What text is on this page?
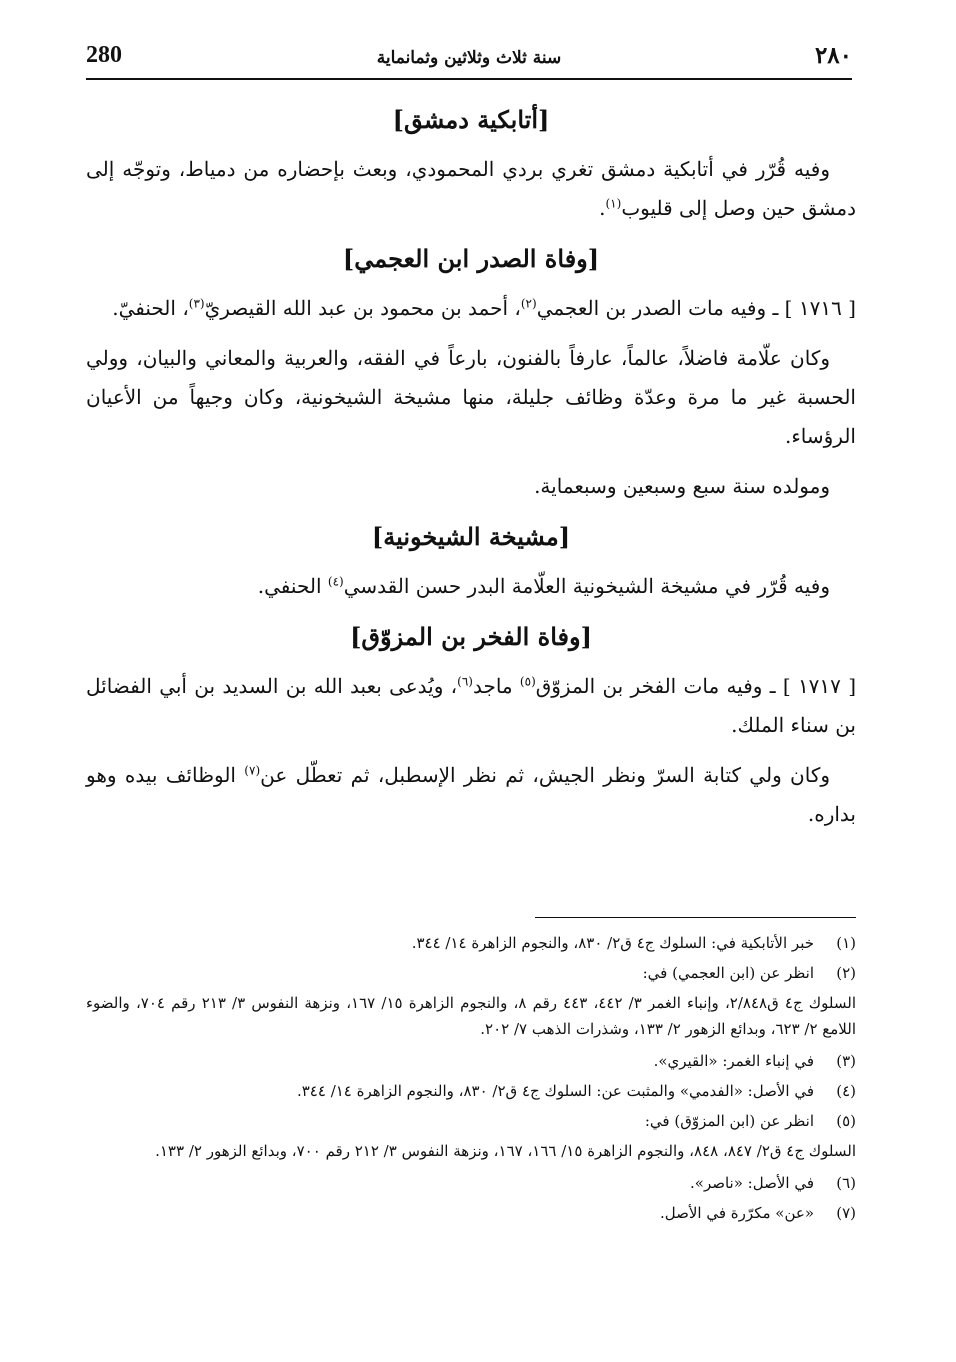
280	سنة ثلاث وثلاثين وثمانماية	٢٨٠
[أتابكية دمشق]

وفيه قُرّر في أتابكية دمشق تغري بردي المحمودي، وبعث بإحضاره من دمياط، وتوجّه إلى دمشق حين وصل إلى قليوب$^{(١)}$.

[وفاة الصدر ابن العجمي]

[ ١٧١٦ ] ـ وفيه مات الصدر بن العجمي$^{(٢)}$، أحمد بن محمود بن عبد الله القيصريّ$^{(٣)}$، الحنفيّ.

وكان علّامة فاضلاً، عالماً، عارفاً بالفنون، بارعاً في الفقه، والعربية والمعاني والبيان، وولي الحسبة غير ما مرة وعدّة وظائف جليلة، منها مشيخة الشيخونية، وكان وجيهاً من الأعيان الرؤساء.

ومولده سنة سبع وسبعين وسبعماية.

[مشيخة الشيخونية]

وفيه قُرّر في مشيخة الشيخونية العلّامة البدر حسن القدسي$^{(٤)}$ الحنفي.

[وفاة الفخر بن المزوّق]

[ ١٧١٧ ] ـ وفيه مات الفخر بن المزوّق$^{(٥)}$ ماجد$^{(٦)}$، ويُدعى بعبد الله بن السديد بن أبي الفضائل بن سناء الملك.

وكان ولي كتابة السرّ ونظر الجيش، ثم نظر الإسطبل، ثم تعطّل عن$^{(٧)}$ الوظائف بيده وهو بداره.

(١)
خبر الأتابكية في: السلوك ج٤ ق٢/ ٨٣٠، والنجوم الزاهرة ١٤/ ٣٤٤.
(٢)
انظر عن (ابن العجمي) في:
السلوك ج٤ ق٢/٨٤٨، وإنباء الغمر ٣/ ٤٤٢، ٤٤٣ رقم ٨، والنجوم الزاهرة ١٥/ ١٦٧، ونزهة النفوس ٣/ ٢١٣ رقم ٧٠٤، والضوء اللامع ٢/ ٦٢٣، وبدائع الزهور ٢/ ١٣٣، وشذرات الذهب ٧/ ٢٠٢.
(٣)
في إنباء الغمر: «القيري».
(٤)
في الأصل: «الفدمي» والمثبت عن: السلوك ج٤ ق٢/ ٨٣٠، والنجوم الزاهرة ١٤/ ٣٤٤.
(٥)
انظر عن (ابن المزوّق) في:
السلوك ج٤ ق٢/ ٨٤٧، ٨٤٨، والنجوم الزاهرة ١٥/ ١٦٦، ١٦٧، ونزهة النفوس ٣/ ٢١٢ رقم ٧٠٠، وبدائع الزهور ٢/ ١٣٣.
(٦)
في الأصل: «ناصر».
(٧)
«عن» مكرّرة في الأصل.
